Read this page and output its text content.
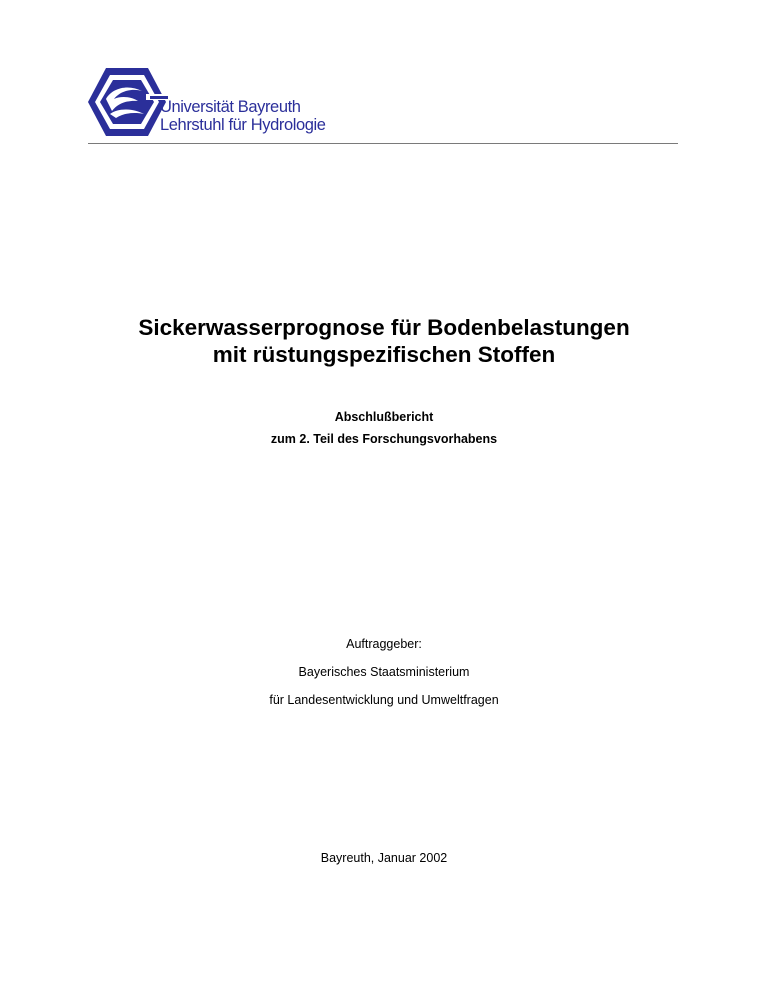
Universität Bayreuth
Lehrstuhl für Hydrologie
Sickerwasserprognose für Bodenbelastungen
mit rüstungspezifischen Stoffen
Abschlußbericht
zum 2. Teil des Forschungsvorhabens
Auftraggeber:
Bayerisches Staatsministerium
für Landesentwicklung und Umweltfragen
Bayreuth, Januar 2002
